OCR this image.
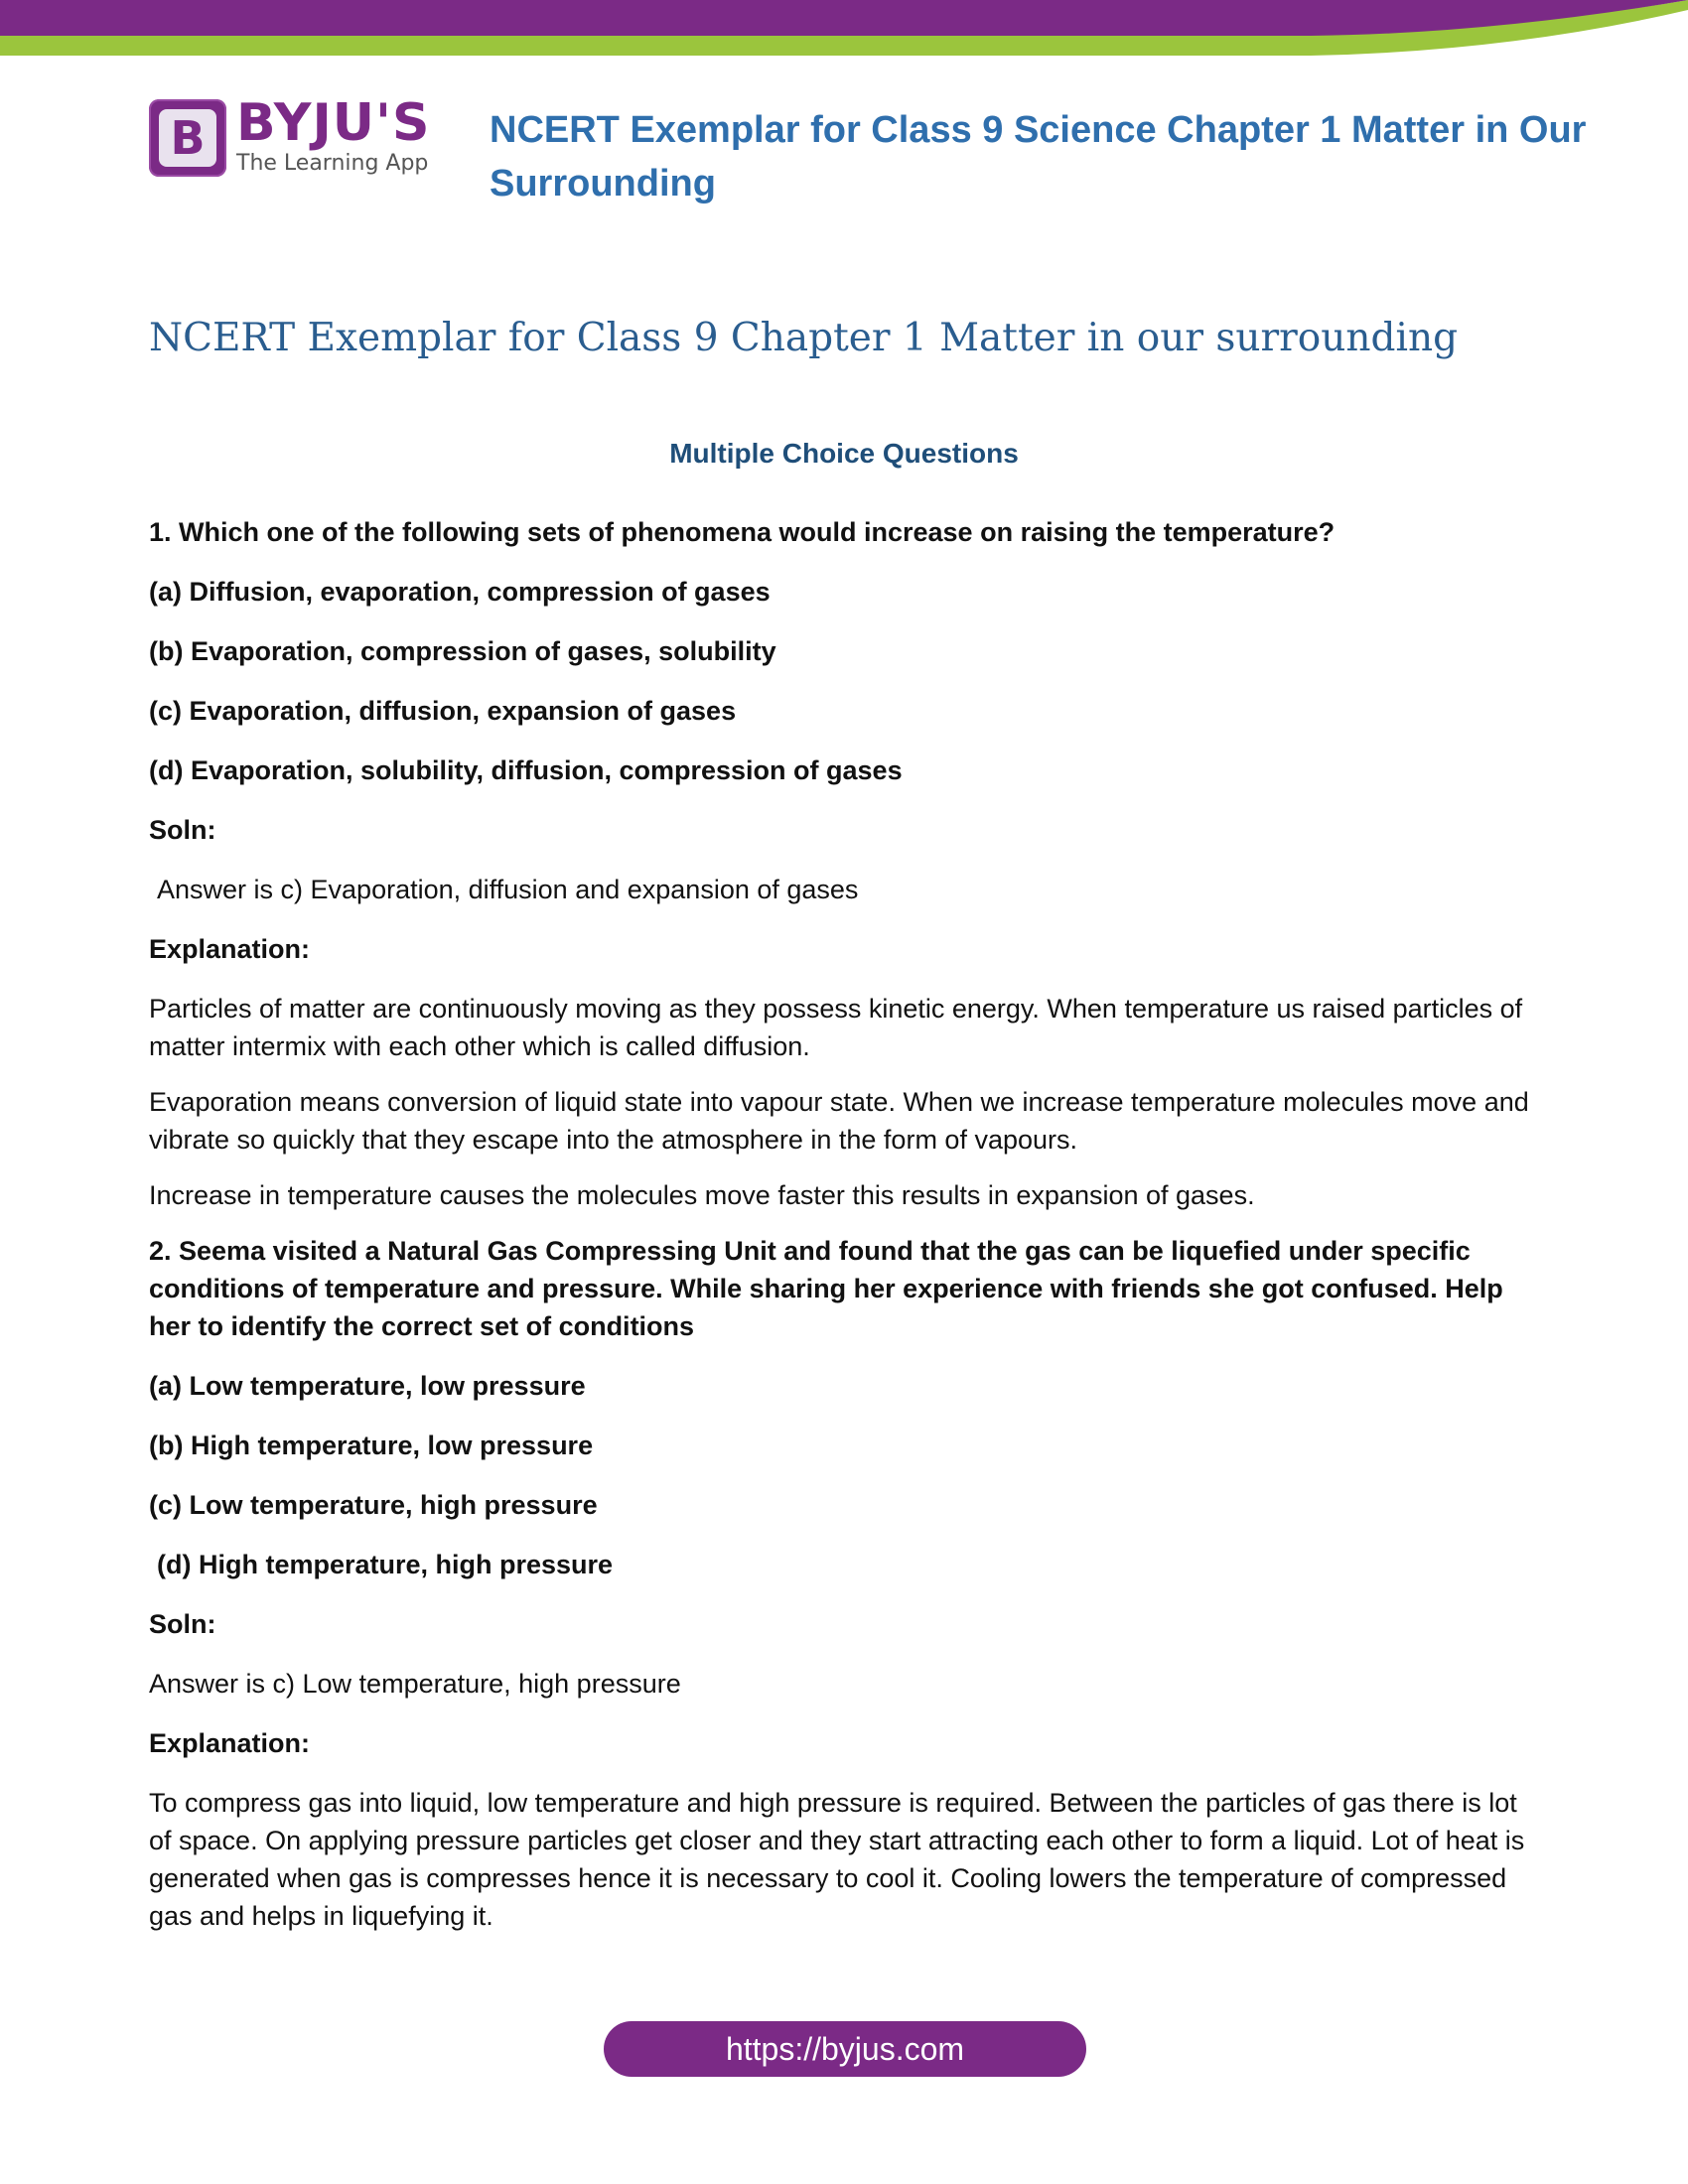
B BYJU'S
The Learning App
NCERT Exemplar for Class 9 Science Chapter 1 Matter in Our Surrounding
NCERT Exemplar for Class 9 Chapter 1 Matter in our surrounding
Multiple Choice Questions

1. Which one of the following sets of phenomena would increase on raising the temperature?

(a) Diffusion, evaporation, compression of gases

(b) Evaporation, compression of gases, solubility

(c) Evaporation, diffusion, expansion of gases

(d) Evaporation, solubility, diffusion, compression of gases

Soln:

Answer is c) Evaporation, diffusion and expansion of gases

Explanation:

Particles of matter are continuously moving as they possess kinetic energy. When temperature us raised particles of matter intermix with each other which is called diffusion.

Evaporation means conversion of liquid state into vapour state. When we increase temperature molecules move and vibrate so quickly that they escape into the atmosphere in the form of vapours.

Increase in temperature causes the molecules move faster this results in expansion of gases.

2. Seema visited a Natural Gas Compressing Unit and found that the gas can be liquefied under specific conditions of temperature and pressure. While sharing her experience with friends she got confused. Help her to identify the correct set of conditions

(a) Low temperature, low pressure

(b) High temperature, low pressure

(c) Low temperature, high pressure

(d) High temperature, high pressure

Soln:

Answer is c) Low temperature, high pressure

Explanation:

To compress gas into liquid, low temperature and high pressure is required. Between the particles of gas there is lot of space. On applying pressure particles get closer and they start attracting each other to form a liquid. Lot of heat is generated when gas is compresses hence it is necessary to cool it. Cooling lowers the temperature of compressed gas and helps in liquefying it.

https://byjus.com
